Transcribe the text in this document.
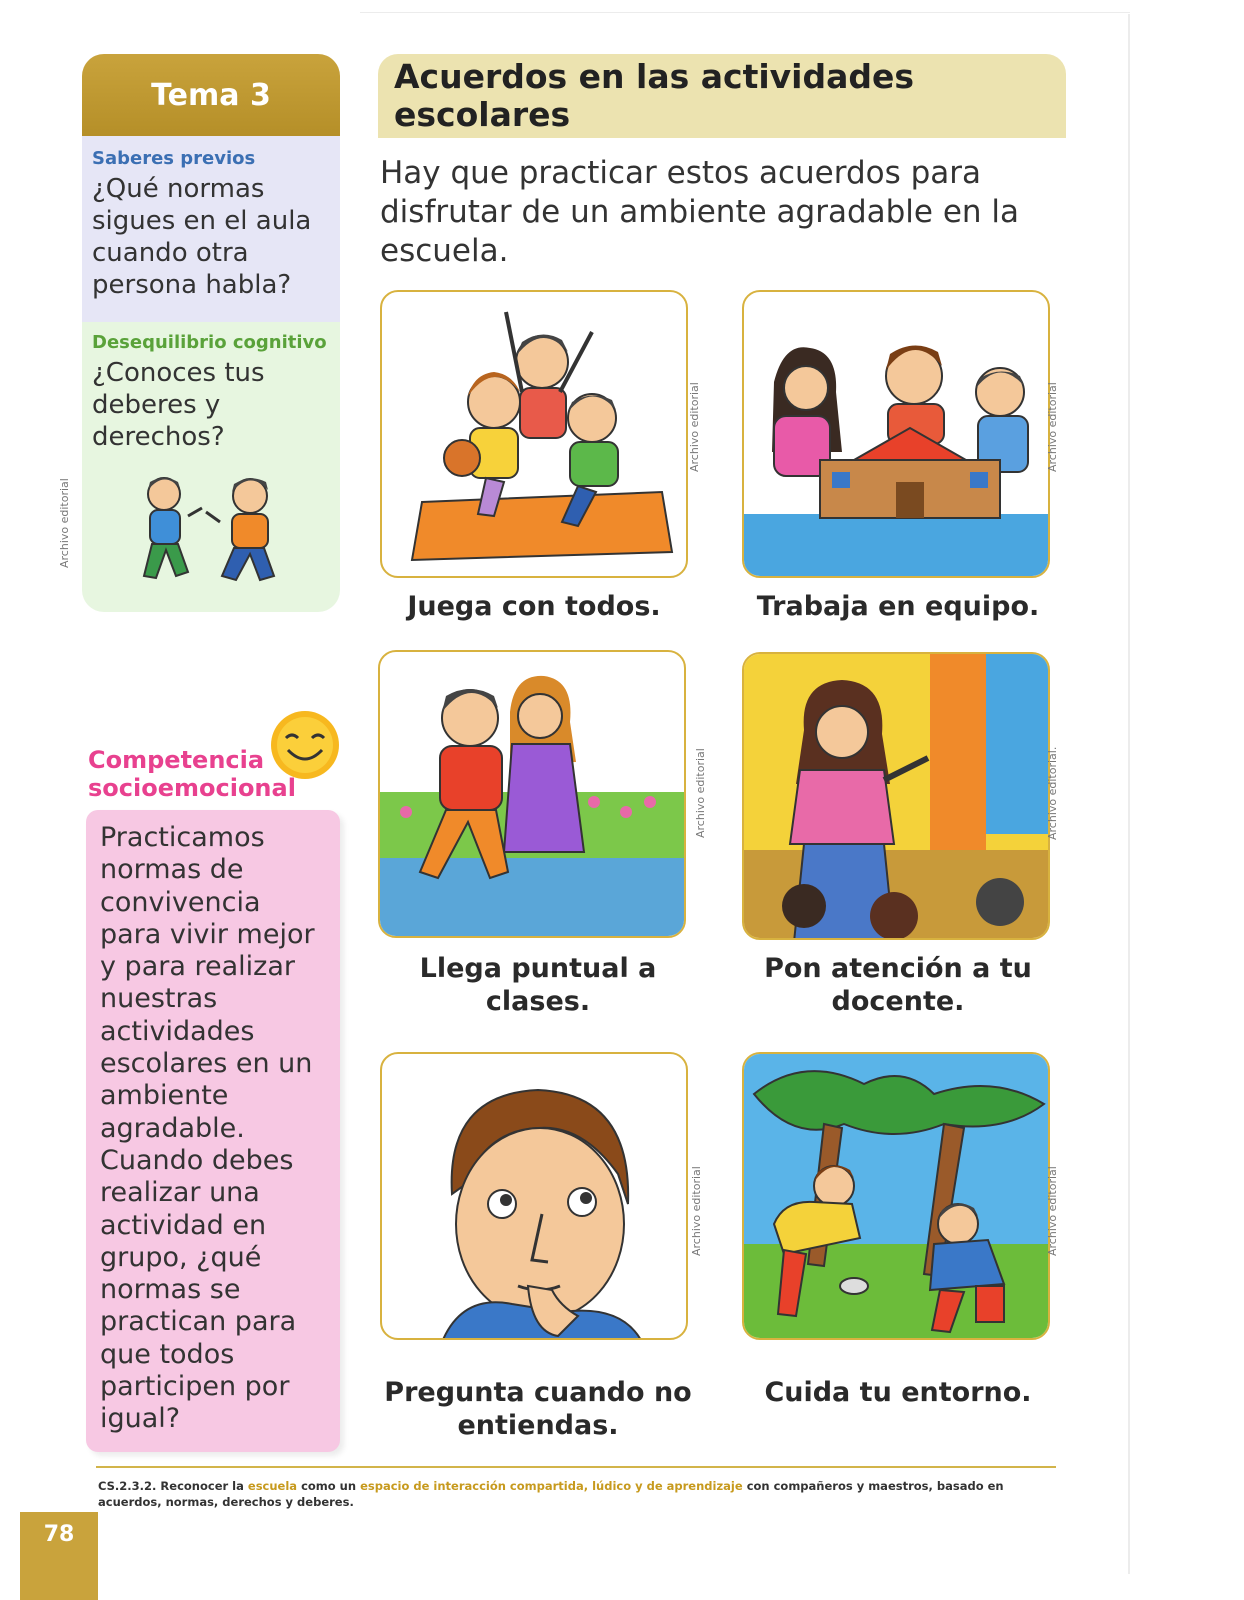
Tema 3
Saberes previos
¿Qué normas sigues en el aula cuando otra persona habla?
Desequilibrio cognitivo
¿Conoces tus deberes y derechos?
Archivo editorial
Competencia
socioemocional

Practicamos normas de convivencia para vivir mejor y para realizar nuestras actividades escolares en un ambiente agradable. Cuando debes realizar una actividad en grupo, ¿qué normas se practican para que todos participen por igual?

Acuerdos en las actividades escolares
Hay que practicar estos acuerdos para disfrutar de un ambiente agradable en la escuela.
Archivo editorial
Juega con todos.
Archivo editorial
Trabaja en equipo.
Archivo editorial
Llega puntual a clases.
Archivo editorial.
Pon atención a tu docente.
Archivo editorial
Pregunta cuando no entiendas.
Archivo editorial
Cuida tu entorno.
CS.2.3.2. Reconocer la escuela como un espacio de interacción compartida, lúdico y de aprendizaje con compañeros y maestros, basado en acuerdos, normas, derechos y deberes.
78
